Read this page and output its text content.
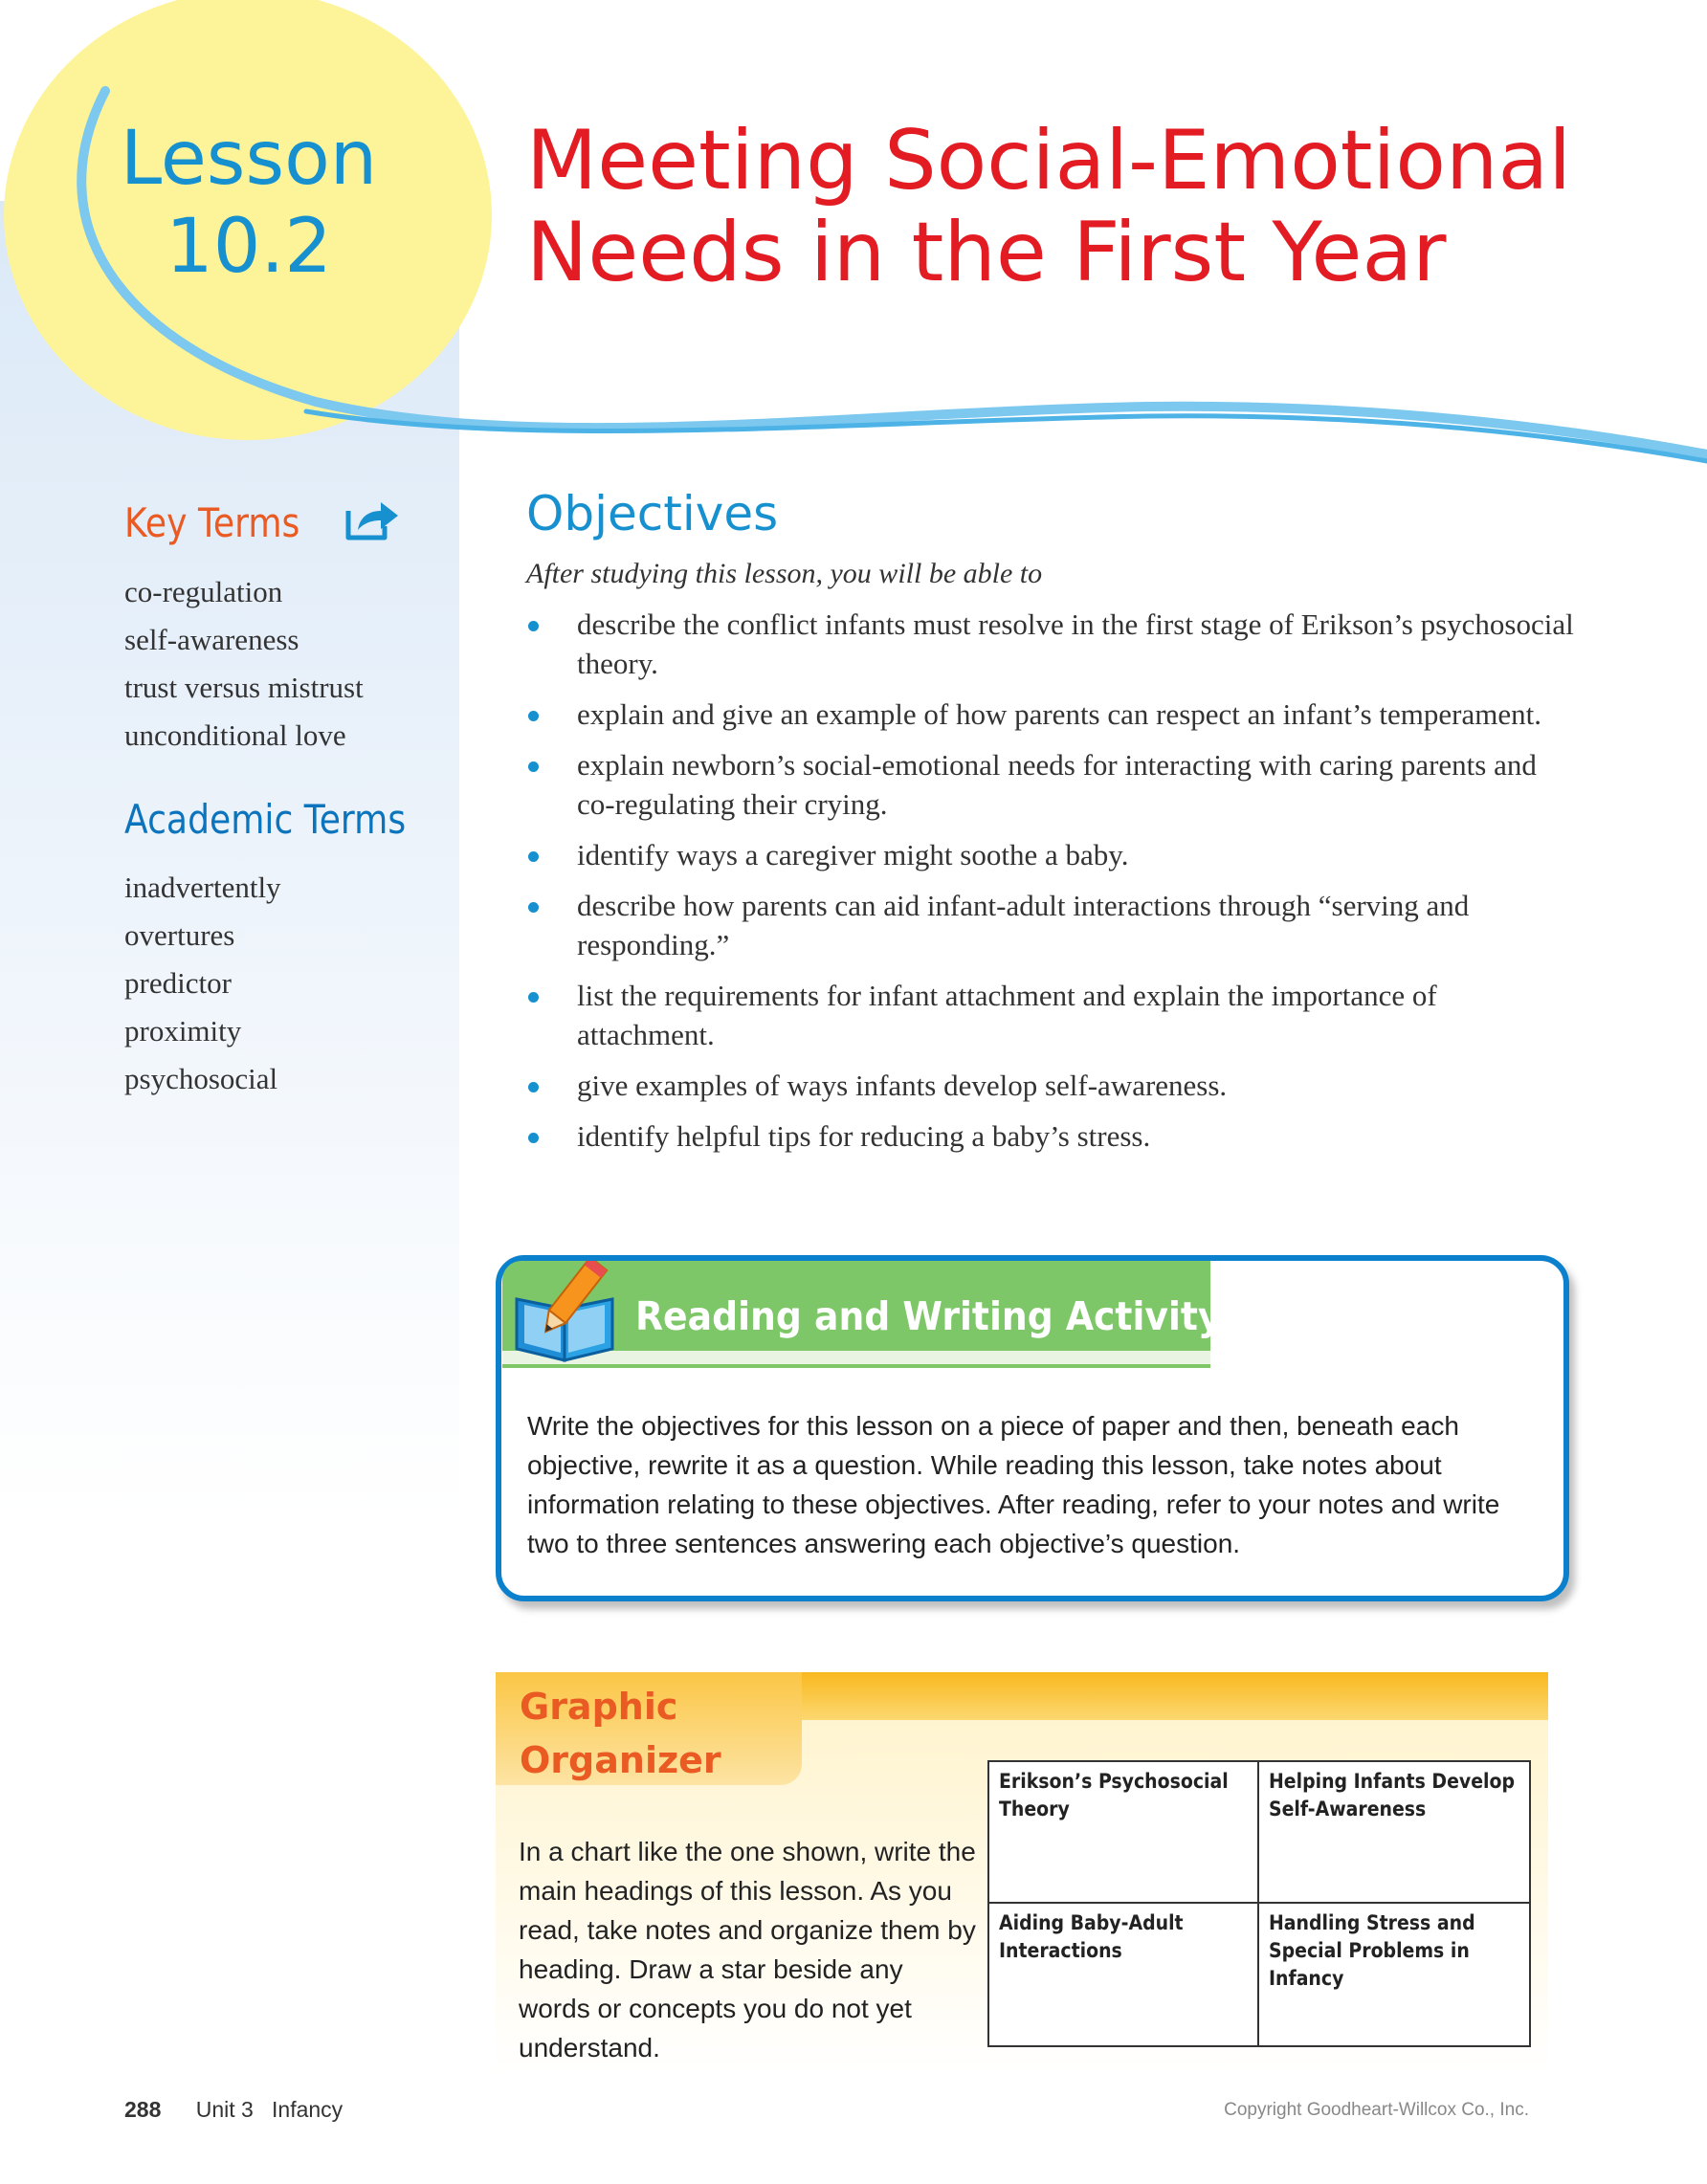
Lesson
10.2
Meeting Social-Emotional
Needs in the First Year
Key Terms
co-regulation
self-awareness
trust versus mistrust
unconditional love
Academic Terms
inadvertently
overtures
predictor
proximity
psychosocial
Objectives
After studying this lesson, you will be able to
describe the conflict infants must resolve in the first stage of Erikson’s psychosocial theory.
explain and give an example of how parents can respect an infant’s temperament.
explain newborn’s social-emotional needs for interacting with caring parents and co-regulating their crying.
identify ways a caregiver might soothe a baby.
describe how parents can aid infant-adult interactions through “serving and responding.”
list the requirements for infant attachment and explain the importance of attachment.
give examples of ways infants develop self-awareness.
identify helpful tips for reducing a baby’s stress.
Reading and Writing Activity
Write the objectives for this lesson on a piece of paper and then, beneath each objective, rewrite it as a question. While reading this lesson, take notes about information relating to these objectives. After reading, refer to your notes and write two to three sentences answering each objective’s question.
Graphic
Organizer
In a chart like the one shown, write the main headings of this lesson. As you read, take notes and organize them by heading. Draw a star beside any words or concepts you do not yet understand.
Erikson’s Psychosocial Theory
Helping Infants Develop Self-Awareness
Aiding Baby-Adult Interactions
Handling Stress and Special Problems in Infancy
288 Unit 3   Infancy	Copyright Goodheart-Willcox Co., Inc.
